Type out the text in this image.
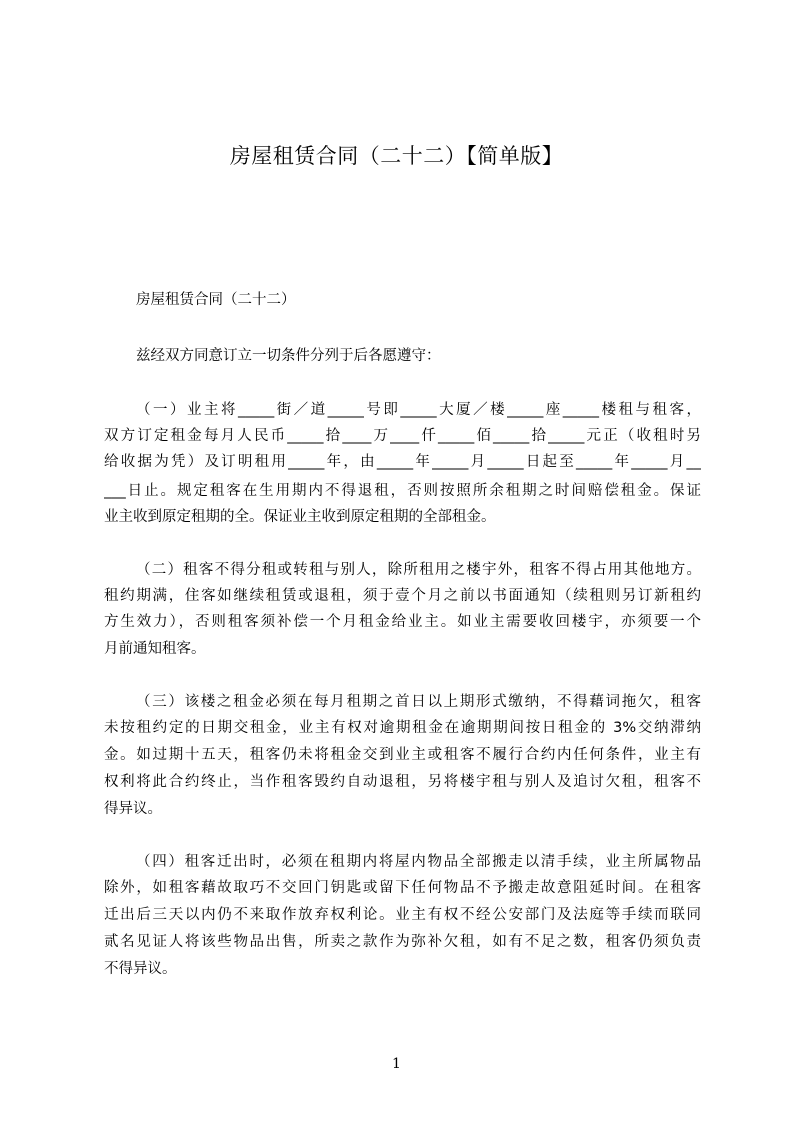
房屋租赁合同（二十二）【简单版】

房屋租赁合同（二十二）

兹经双方同意订立一切条件分列于后各愿遵守：

（一）业主将_____街／道_____号即_____大厦／楼_____座_____楼租与租客，
双方订定租金每月人民币_____拾____万____仟_____佰_____拾_____元正（收租时另
给收据为凭）及订明租用_____年，由_____年_____月_____日起至_____年_____月__
___日止。规定租客在生用期内不得退租，否则按照所余租期之时间赔偿租金。保证
业主收到原定租期的全。保证业主收到原定租期的全部租金。
（二）租客不得分租或转租与别人，除所租用之楼宇外，租客不得占用其他地方。
租约期满，住客如继续租赁或退租，须于壹个月之前以书面通知（续租则另订新租约
方生效力），否则租客须补偿一个月租金给业主。如业主需要收回楼宇，亦须要一个
月前通知租客。
（三）该楼之租金必须在每月租期之首日以上期形式缴纳，不得藉词拖欠，租客
未按租约定的日期交租金，业主有权对逾期租金在逾期期间按日租金的 3%交纳滞纳
金。如过期十五天，租客仍未将租金交到业主或租客不履行合约内任何条件，业主有
权利将此合约终止，当作租客毁约自动退租，另将楼宇租与别人及追讨欠租，租客不
得异议。
（四）租客迁出时，必须在租期内将屋内物品全部搬走以清手续，业主所属物品
除外，如租客藉故取巧不交回门钥匙或留下任何物品不予搬走故意阻延时间。在租客
迁出后三天以内仍不来取作放弃权利论。业主有权不经公安部门及法庭等手续而联同
贰名见证人将该些物品出售，所卖之款作为弥补欠租，如有不足之数，租客仍须负责
不得异议。
1
